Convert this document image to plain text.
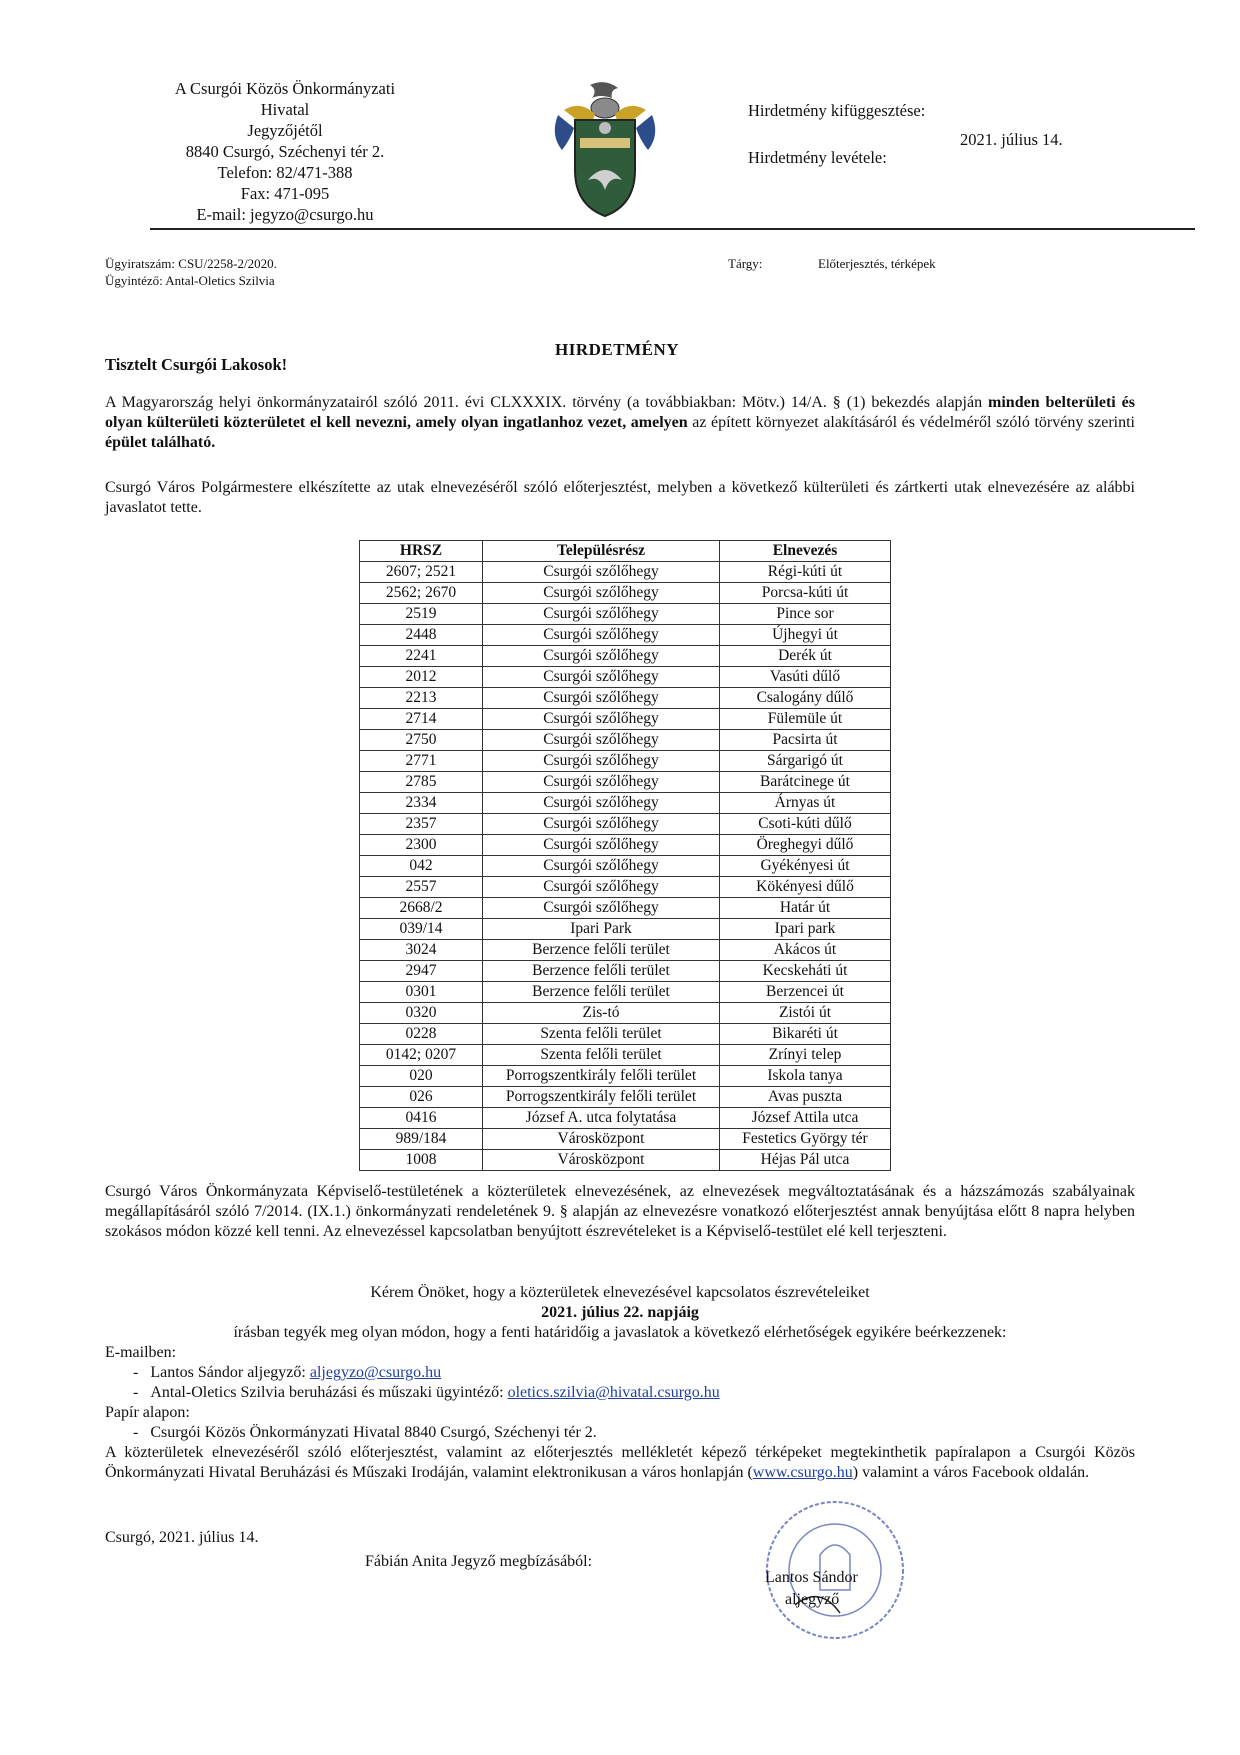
A Csurgói Közös Önkormányzati Hivatal
Jegyzőjétől
8840 Csurgó, Széchenyi tér 2.
Telefon: 82/471-388
Fax: 471-095
E-mail: jegyzo@csurgo.hu
Hirdetmény kifüggesztése:
Hirdetmény levétele:
2021. július 14.
Ügyiratszám: CSU/2258-2/2020.
Ügyintéző: Antal-Oletics Szilvia
Tárgy:	Előterjesztés, térképek
HIRDETMÉNY
Tisztelt Csurgói Lakosok!
A Magyarország helyi önkormányzatairól szóló 2011. évi CLXXXIX. törvény (a továbbiakban: Mötv.) 14/A. § (1) bekezdés alapján minden belterületi és olyan külterületi közterületet el kell nevezni, amely olyan ingatlanhoz vezet, amelyen az épített környezet alakításáról és védelméről szóló törvény szerinti épület található.
Csurgó Város Polgármestere elkészítette az utak elnevezéséről szóló előterjesztést, melyben a következő külterületi és zártkerti utak elnevezésére az alábbi javaslatot tette.
HRSZ	Településrész	Elnevezés
2607; 2521	Csurgói szőlőhegy	Régi-kúti út
2562; 2670	Csurgói szőlőhegy	Porcsa-kúti út
2519	Csurgói szőlőhegy	Pince sor
2448	Csurgói szőlőhegy	Újhegyi út
2241	Csurgói szőlőhegy	Derék út
2012	Csurgói szőlőhegy	Vasúti dűlő
2213	Csurgói szőlőhegy	Csalogány dűlő
2714	Csurgói szőlőhegy	Fülemüle út
2750	Csurgói szőlőhegy	Pacsirta út
2771	Csurgói szőlőhegy	Sárgarigó út
2785	Csurgói szőlőhegy	Barátcinege út
2334	Csurgói szőlőhegy	Árnyas út
2357	Csurgói szőlőhegy	Csoti-kúti dűlő
2300	Csurgói szőlőhegy	Öreghegyi dűlő
042	Csurgói szőlőhegy	Gyékényesi út
2557	Csurgói szőlőhegy	Kökényesi dűlő
2668/2	Csurgói szőlőhegy	Határ út
039/14	Ipari Park	Ipari park
3024	Berzence felőli terület	Akácos út
2947	Berzence felőli terület	Kecskeháti út
0301	Berzence felőli terület	Berzencei út
0320	Zis-tó	Zistói út
0228	Szenta felőli terület	Bikaréti út
0142; 0207	Szenta felőli terület	Zrínyi telep
020	Porrogszentkirály felőli terület	Iskola tanya
026	Porrogszentkirály felőli terület	Avas puszta
0416	József A. utca folytatása	József Attila utca
989/184	Városközpont	Festetics György tér
1008	Városközpont	Héjas Pál utca
Csurgó Város Önkormányzata Képviselő-testületének a közterületek elnevezésének, az elnevezések megváltoztatásának és a házszámozás szabályainak megállapításáról szóló 7/2014. (IX.1.) önkormányzati rendeletének 9. § alapján az elnevezésre vonatkozó előterjesztést annak benyújtása előtt 8 napra helyben szokásos módon közzé kell tenni. Az elnevezéssel kapcsolatban benyújtott észrevételeket is a Képviselő-testület elé kell terjeszteni.
Kérem Önöket, hogy a közterületek elnevezésével kapcsolatos észrevételeiket
2021. július 22. napjáig
írásban tegyék meg olyan módon, hogy a fenti határidőig a javaslatok a következő elérhetőségek egyikére beérkezzenek:
E-mailben:
- Lantos Sándor aljegyző: aljegyzo@csurgo.hu
- Antal-Oletics Szilvia beruházási és műszaki ügyintéző: oletics.szilvia@hivatal.csurgo.hu
Papír alapon:
- Csurgói Közös Önkormányzati Hivatal 8840 Csurgó, Széchenyi tér 2.
A közterületek elnevezéséről szóló előterjesztést, valamint az előterjesztés mellékletét képező térképeket megtekinthetik papíralapon a Csurgói Közös Önkormányzati Hivatal Beruházási és Műszaki Irodáján, valamint elektronikusan a város honlapján (www.csurgo.hu) valamint a város Facebook oldalán.
Csurgó, 2021. július 14.
Fábián Anita Jegyző megbízásából:
Lantos Sándor
aljegyző
